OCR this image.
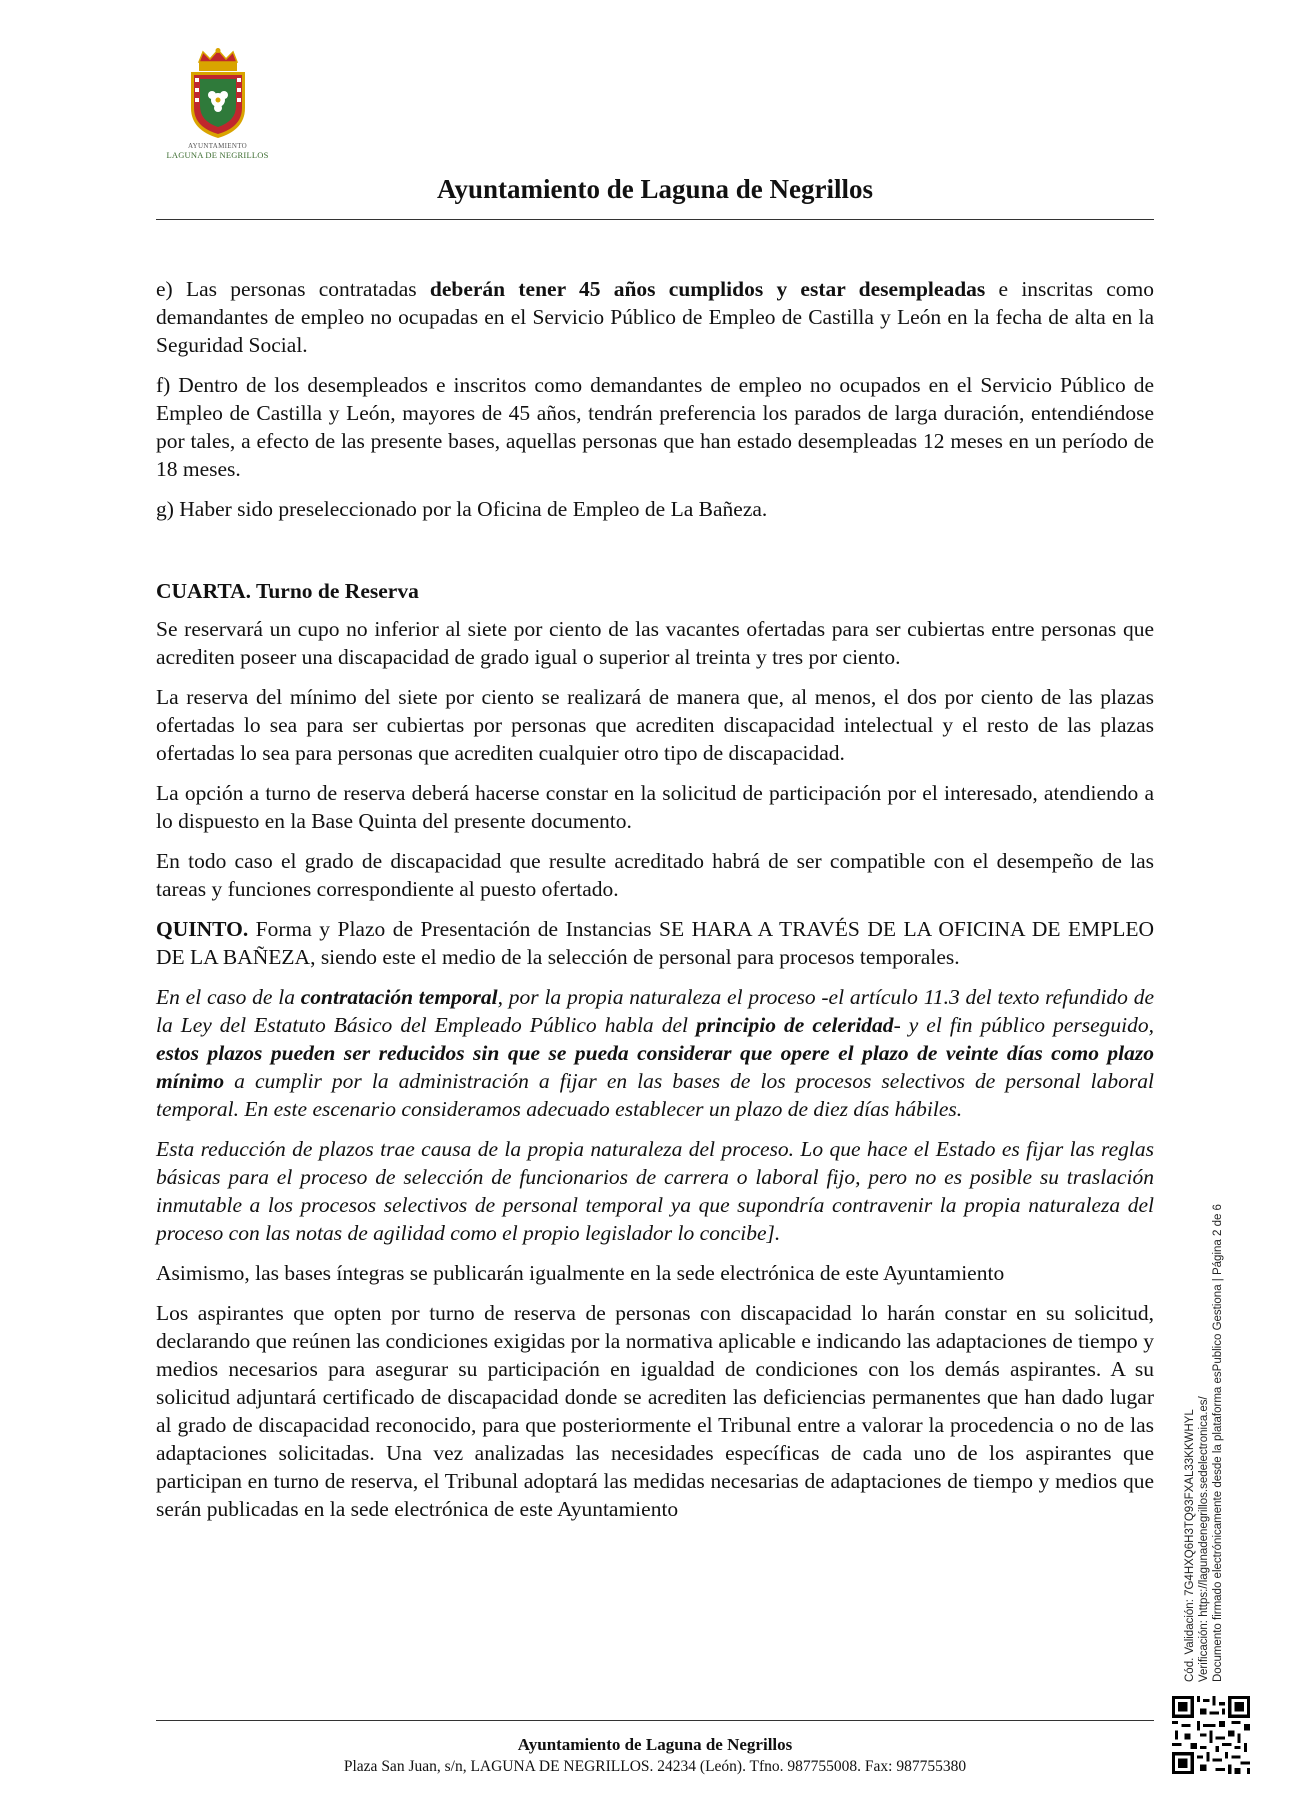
AYUNTAMIENTO
LAGUNA DE NEGRILLOS
Ayuntamiento de Laguna de Negrillos

e) Las personas contratadas deberán tener 45 años cumplidos y estar desempleadas e inscritas como demandantes de empleo no ocupadas en el Servicio Público de Empleo de Castilla y León en la fecha de alta en la Seguridad Social.

f) Dentro de los desempleados e inscritos como demandantes de empleo no ocupados en el Servicio Público de Empleo de Castilla y León, mayores de 45 años, tendrán preferencia los parados de larga duración, entendiéndose por tales, a efecto de las presente bases, aquellas personas que han estado desempleadas 12 meses en un período de 18 meses.

g) Haber sido preseleccionado por la Oficina de Empleo de La Bañeza.

CUARTA. Turno de Reserva

Se reservará un cupo no inferior al siete por ciento de las vacantes ofertadas para ser cubiertas entre personas que acrediten poseer una discapacidad de grado igual o superior al treinta y tres por ciento.

La reserva del mínimo del siete por ciento se realizará de manera que, al menos, el dos por ciento de las plazas ofertadas lo sea para ser cubiertas por personas que acrediten discapacidad intelectual y el resto de las plazas ofertadas lo sea para personas que acrediten cualquier otro tipo de discapacidad.

La opción a turno de reserva deberá hacerse constar en la solicitud de participación por el interesado, atendiendo a lo dispuesto en la Base Quinta del presente documento.

En todo caso el grado de discapacidad que resulte acreditado habrá de ser compatible con el desempeño de las tareas y funciones correspondiente al puesto ofertado.

QUINTO. Forma y Plazo de Presentación de Instancias SE HARA A TRAVÉS DE LA OFICINA DE EMPLEO DE LA BAÑEZA, siendo este el medio de la selección de personal para procesos temporales.

En el caso de la contratación temporal, por la propia naturaleza el proceso -el artículo 11.3 del texto refundido de la Ley del Estatuto Básico del Empleado Público habla del principio de celeridad- y el fin público perseguido, estos plazos pueden ser reducidos sin que se pueda considerar que opere el plazo de veinte días como plazo mínimo a cumplir por la administración a fijar en las bases de los procesos selectivos de personal laboral temporal. En este escenario consideramos adecuado establecer un plazo de diez días hábiles.

Esta reducción de plazos trae causa de la propia naturaleza del proceso. Lo que hace el Estado es fijar las reglas básicas para el proceso de selección de funcionarios de carrera o laboral fijo, pero no es posible su traslación inmutable a los procesos selectivos de personal temporal ya que supondría contravenir la propia naturaleza del proceso con las notas de agilidad como el propio legislador lo concibe].

Asimismo, las bases íntegras se publicarán igualmente en la sede electrónica de este Ayuntamiento

Los aspirantes que opten por turno de reserva de personas con discapacidad lo harán constar en su solicitud, declarando que reúnen las condiciones exigidas por la normativa aplicable e indicando las adaptaciones de tiempo y medios necesarios para asegurar su participación en igualdad de condiciones con los demás aspirantes. A su solicitud adjuntará certificado de discapacidad donde se acrediten las deficiencias permanentes que han dado lugar al grado de discapacidad reconocido, para que posteriormente el Tribunal entre a valorar la procedencia o no de las adaptaciones solicitadas. Una vez analizadas las necesidades específicas de cada uno de los aspirantes que participan en turno de reserva, el Tribunal adoptará las medidas necesarias de adaptaciones de tiempo y medios que serán publicadas en la sede electrónica de este Ayuntamiento

Ayuntamiento de Laguna de Negrillos
Plaza San Juan, s/n, LAGUNA DE NEGRILLOS. 24234 (León). Tfno. 987755008. Fax: 987755380
Cód. Validación: 7G4HXQ6H3TQ93FXAL33KKWHYL Verificación: https://lagunadenegrillos.sedelectronica.es/ Documento firmado electrónicamente desde la plataforma esPublico Gestiona | Página 2 de 6
